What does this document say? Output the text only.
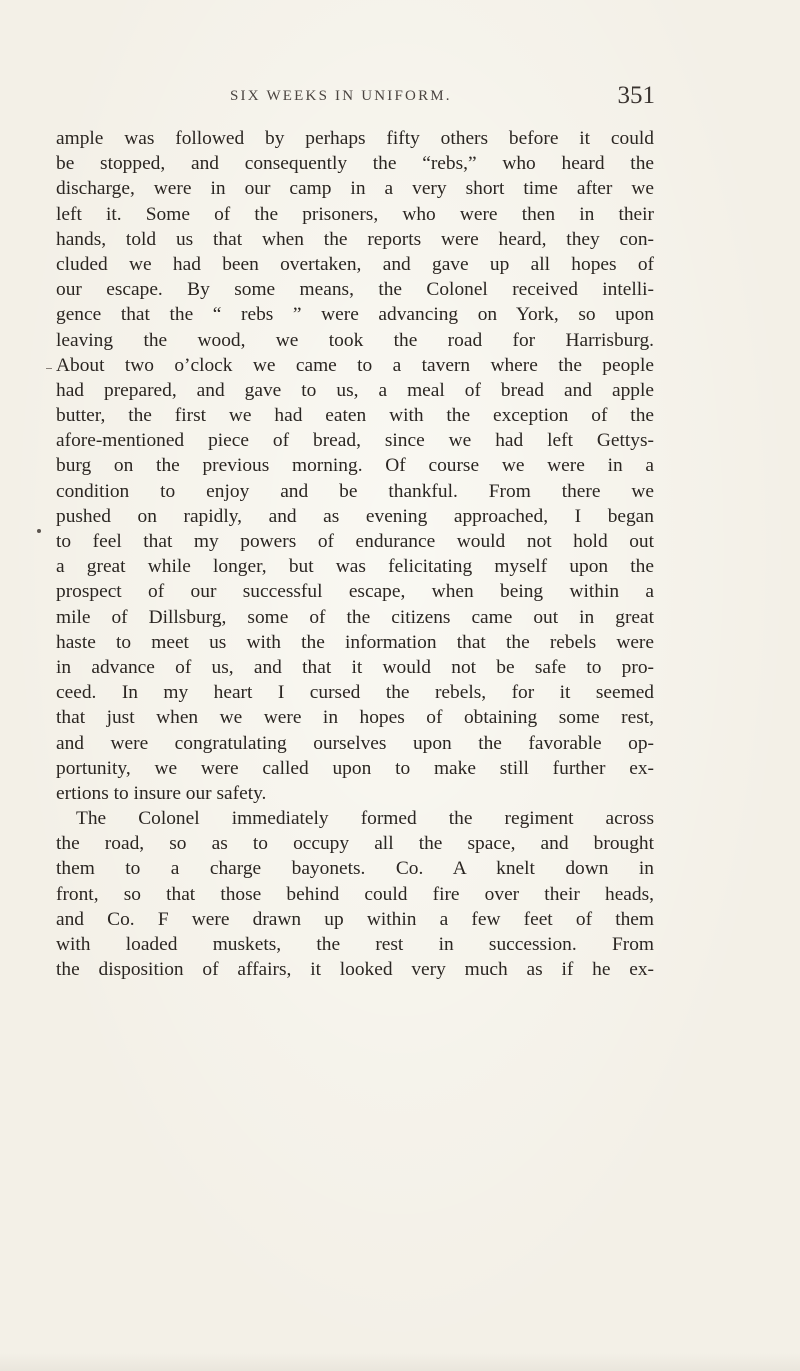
SIX WEEKS IN UNIFORM.	351
ample was followed by perhaps fifty others before it could
be stopped, and consequently the “rebs,” who heard the
discharge, were in our camp in a very short time after we
left it. Some of the prisoners, who were then in their
hands, told us that when the reports were heard, they con-
cluded we had been overtaken, and gave up all hopes of
our escape. By some means, the Colonel received intelli-
gence that the “ rebs ” were advancing on York, so upon
leaving the wood, we took the road for Harrisburg.
About two o’clock we came to a tavern where the people
had prepared, and gave to us, a meal of bread and apple
butter, the first we had eaten with the exception of the
afore-mentioned piece of bread, since we had left Gettys-
burg on the previous morning. Of course we were in a
condition to enjoy and be thankful. From there we
pushed on rapidly, and as evening approached, I began
to feel that my powers of endurance would not hold out
a great while longer, but was felicitating myself upon the
prospect of our successful escape, when being within a
mile of Dillsburg, some of the citizens came out in great
haste to meet us with the information that the rebels were
in advance of us, and that it would not be safe to pro-
ceed. In my heart I cursed the rebels, for it seemed
that just when we were in hopes of obtaining some rest,
and were congratulating ourselves upon the favorable op-
portunity, we were called upon to make still further ex-
ertions to insure our safety.
The Colonel immediately formed the regiment across
the road, so as to occupy all the space, and brought
them to a charge bayonets. Co. A knelt down in
front, so that those behind could fire over their heads,
and Co. F were drawn up within a few feet of them
with loaded muskets, the rest in succession. From
the disposition of affairs, it looked very much as if he ex-
